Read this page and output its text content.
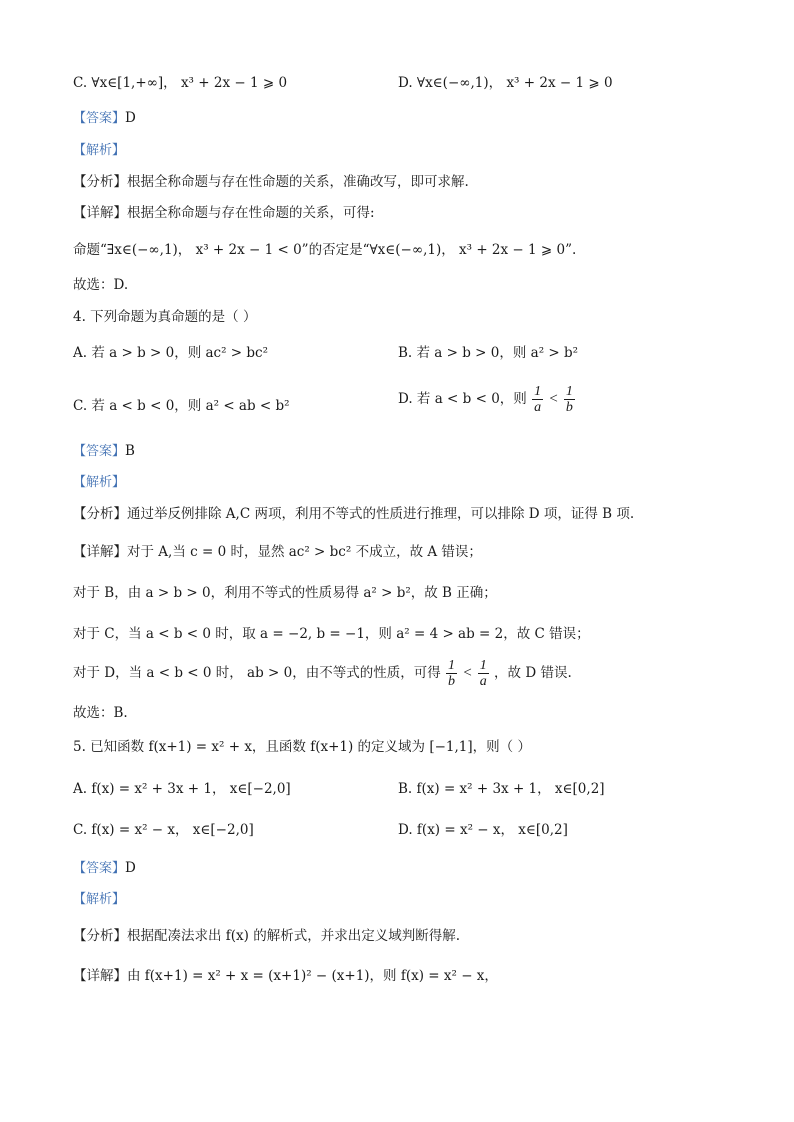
C. ∀x∈[1,+∞]， x³ + 2x − 1 ⩾ 0	D. ∀x∈(−∞,1)， x³ + 2x − 1 ⩾ 0
【答案】D
【解析】
【分析】根据全称命题与存在性命题的关系，准确改写，即可求解.
【详解】根据全称命题与存在性命题的关系，可得:
命题“∃x∈(−∞,1)， x³ + 2x − 1 < 0”的否定是“∀x∈(−∞,1)， x³ + 2x − 1 ⩾ 0”.
故选：D.
4. 下列命题为真命题的是（ ）
A. 若 a > b > 0，则 ac² > bc²	B. 若 a > b > 0，则 a² > b²
C. 若 a < b < 0，则 a² < ab < b²	D. 若 a < b < 0，则 $\frac{1}{a} < \frac{1}{b}$
【答案】B
【解析】
【分析】通过举反例排除 A,C 两项，利用不等式的性质进行推理，可以排除 D 项，证得 B 项.
【详解】对于 A,当 c = 0 时，显然 ac² > bc² 不成立，故 A 错误；
对于 B，由 a > b > 0，利用不等式的性质易得 a² > b²，故 B 正确；
对于 C，当 a < b < 0 时，取 a = −2, b = −1，则 a² = 4 > ab = 2，故 C 错误；
对于 D，当 a < b < 0 时， ab > 0，由不等式的性质，可得 $\frac{1}{b} < \frac{1}{a}$ ，故 D 错误.
故选：B.
5. 已知函数 f(x+1) = x² + x，且函数 f(x+1) 的定义域为 [−1,1]，则（ ）
A. f(x) = x² + 3x + 1， x∈[−2,0]	B. f(x) = x² + 3x + 1， x∈[0,2]
C. f(x) = x² − x， x∈[−2,0]	D. f(x) = x² − x， x∈[0,2]
【答案】D
【解析】
【分析】根据配凑法求出 f(x) 的解析式，并求出定义域判断得解.
【详解】由 f(x+1) = x² + x = (x+1)² − (x+1)，则 f(x) = x² − x，
